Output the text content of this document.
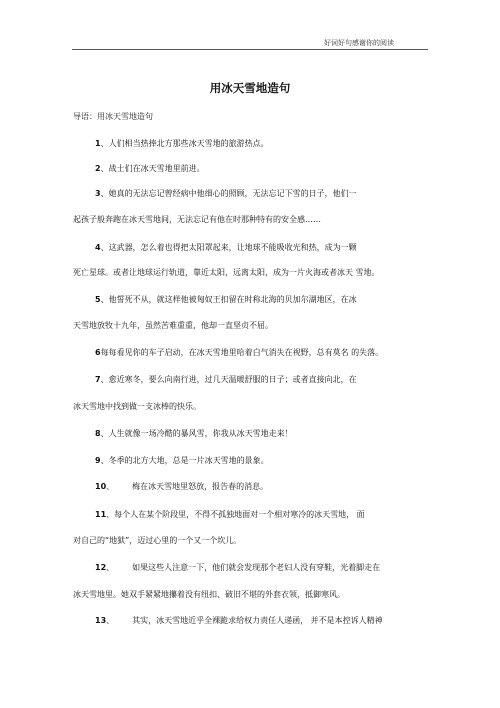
好词好句感谢你的阅读
用冰天雪地造句
导语：用冰天雪地造句
1、人们相当热捧北方那些冰天雪地的旅游热点。
2、战士们在冰天雪地里前进。
3、她真的无法忘记曾经病中他细心的照顾，无法忘记下雪的日子，他们一
起孩子般奔跑在冰天雪地间，无法忘记有他在时那种特有的安全感……
4、这武器，怎么着也得把太阳罩起来，让地球不能吸收光和热，成为一颗
死亡星球。或者让地球运行轨道，靠近太阳，远离太阳，成为一片火海或者冰天 雪地。
5、他誓死不从，就这样他被匈奴王扣留在时称北海的贝加尔湖地区，在冰
天雪地放牧十九年，虽然苦难重重，他却一直坚贞不屈。
6每每看见你的车子启动，在冰天雪地里哈着白气消失在视野，总有莫名 的失落。
7、愈近寒冬，要么向南行进，过几天温暖舒服的日子；或者直接向北，在
冰天雪地中找到做一支冰棒的快乐。
8、人生就像一场冷酷的暴风雪，你我从冰天雪地走来！
9、冬季的北方大地，总是一片冰天雪地的景象。
10、 梅在冰天雪地里怒放，报告春的消息。
11、每个人在某个阶段里，不得不孤独地面对一个相对寒冷的冰天雪地， 面
对自己的“地狱”，迈过心里的一个又一个坎儿。
12、 如果这些人注意一下，他们就会发现那个老妇人没有穿鞋，光着脚走在
冰天雪地里。她双手紧紧地攥着没有纽扣、破旧不堪的外套衣领，抵御寒风。
13、 其实，冰天雪地近乎全裸跪求给权力责任人递函， 并不是本控诉人精神
